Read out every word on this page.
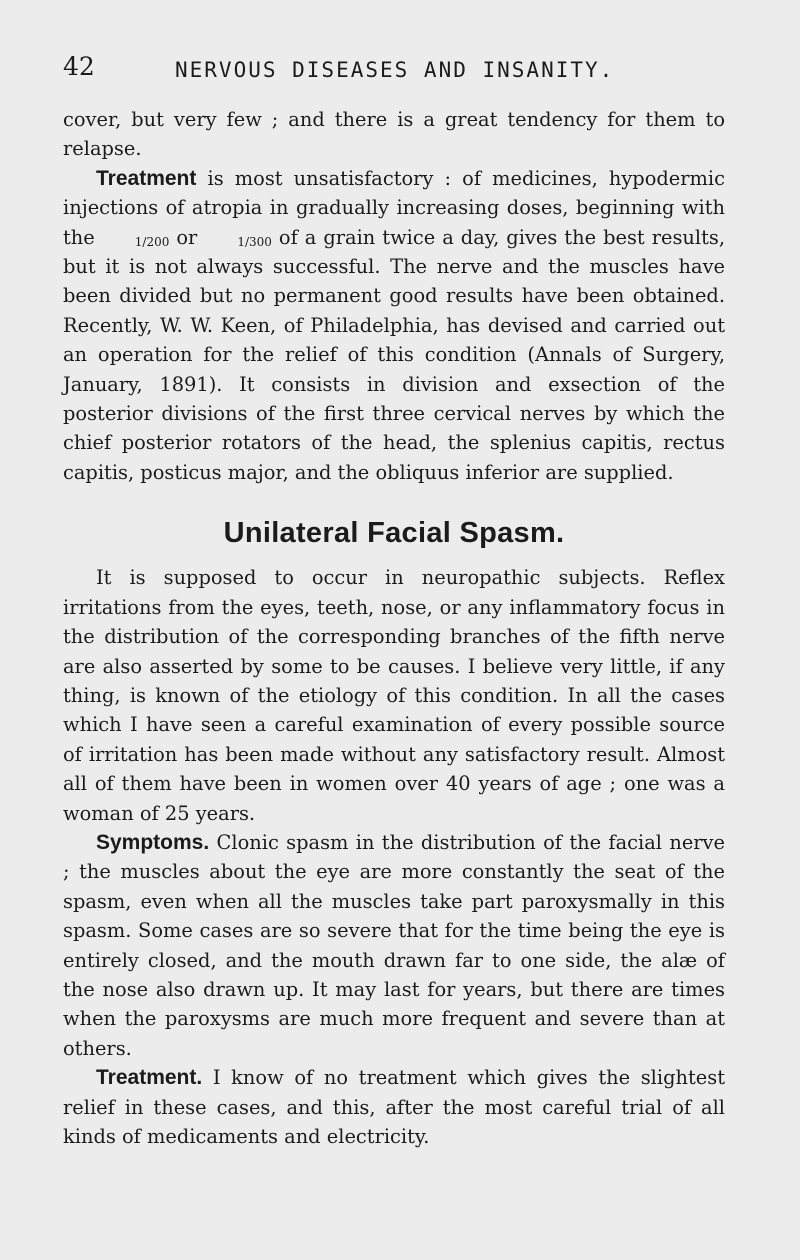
42	NERVOUS DISEASES AND INSANITY.

cover, but very few ; and there is a great tendency for them to relapse.

Treatment is most unsatisfactory : of medicines, hypodermic injections of atropia in gradually increasing doses, beginning with the	1/200 or	1/300 of a grain twice a day, gives the best results, but it is not always successful. The nerve and the muscles have been divided but no permanent good results have been obtained. Recently, W. W. Keen, of Philadelphia, has devised and carried out an operation for the relief of this condition (Annals of Surgery, January, 1891). It consists in division and exsection of the posterior divisions of the first three cervical nerves by which the chief posterior rotators of the head, the splenius capitis, rectus capitis, posticus major, and the obliquus inferior are supplied.

Unilateral Facial Spasm.

It is supposed to occur in neuropathic subjects. Reflex irritations from the eyes, teeth, nose, or any inflammatory focus in the distribution of the corresponding branches of the fifth nerve are also asserted by some to be causes. I believe very little, if any thing, is known of the etiology of this condition. In all the cases which I have seen a careful examination of every possible source of irritation has been made without any satisfactory result. Almost all of them have been in women over 40 years of age ; one was a woman of 25 years.

Symptoms. Clonic spasm in the distribution of the facial nerve ; the muscles about the eye are more constantly the seat of the spasm, even when all the muscles take part paroxysmally in this spasm. Some cases are so severe that for the time being the eye is entirely closed, and the mouth drawn far to one side, the alæ of the nose also drawn up. It may last for years, but there are times when the paroxysms are much more frequent and severe than at others.

Treatment. I know of no treatment which gives the slightest relief in these cases, and this, after the most careful trial of all kinds of medicaments and electricity.
